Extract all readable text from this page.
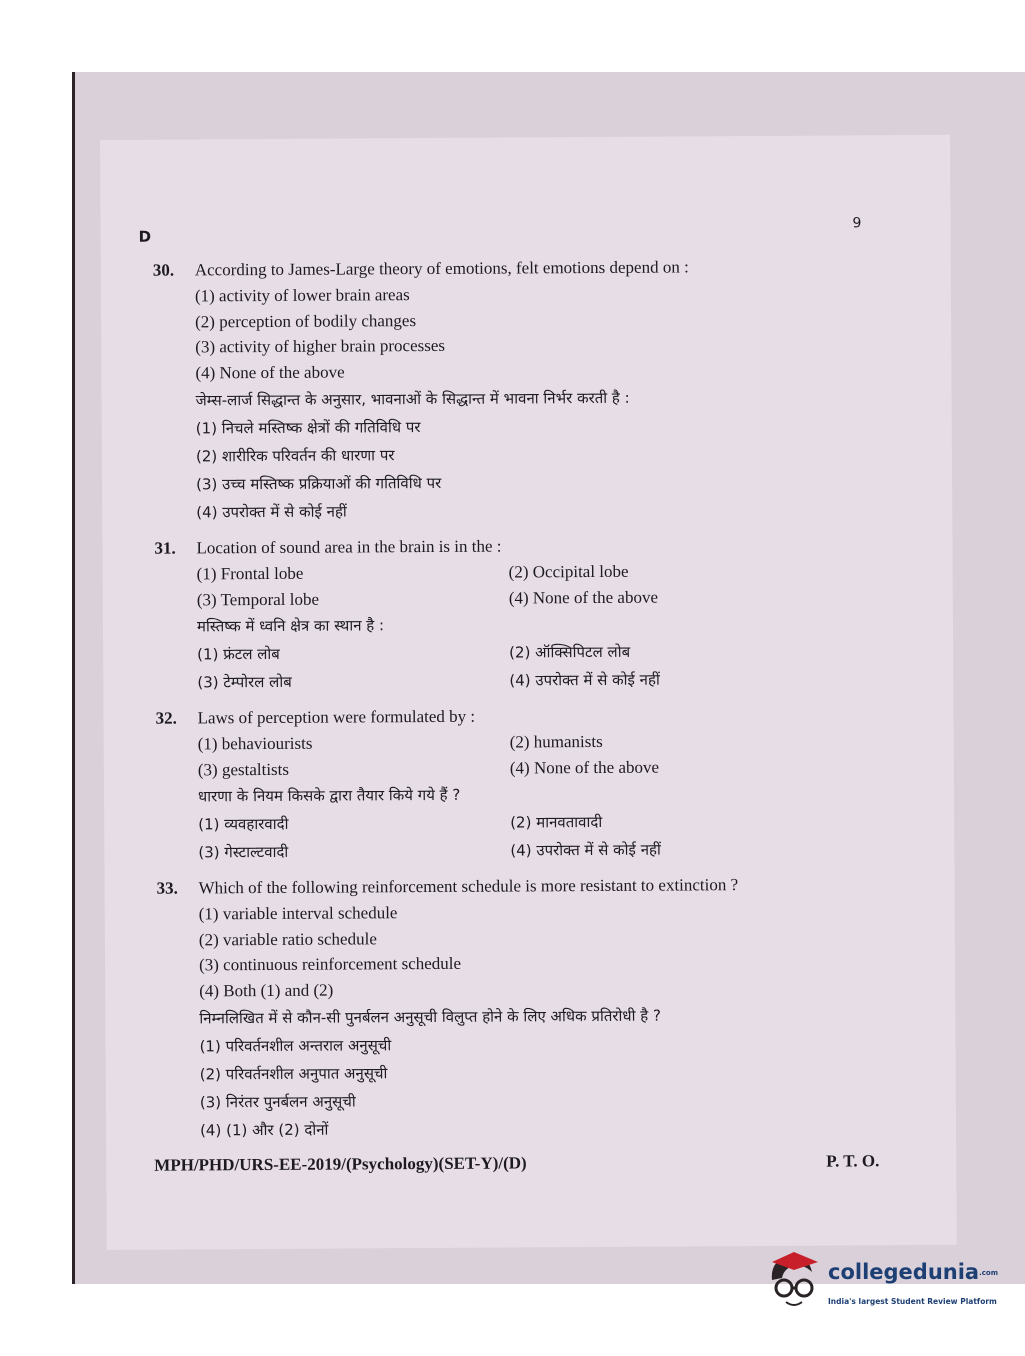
D
9
30. According to James-Large theory of emotions, felt emotions depend on :
(1) activity of lower brain areas
(2) perception of bodily changes
(3) activity of higher brain processes
(4) None of the above
जेम्स-लार्ज सिद्धान्त के अनुसार, भावनाओं के सिद्धान्त में भावना निर्भर करती है :
(1) निचले मस्तिष्क क्षेत्रों की गतिविधि पर
(2) शारीरिक परिवर्तन की धारणा पर
(3) उच्च मस्तिष्क प्रक्रियाओं की गतिविधि पर
(4) उपरोक्त में से कोई नहीं
31. Location of sound area in the brain is in the :
(1) Frontal lobe	(2) Occipital lobe
(3) Temporal lobe	(4) None of the above
मस्तिष्क में ध्वनि क्षेत्र का स्थान है :
(1) फ्रंटल लोब	(2) ऑक्सिपिटल लोब
(3) टेम्पोरल लोब	(4) उपरोक्त में से कोई नहीं
32. Laws of perception were formulated by :
(1) behaviourists	(2) humanists
(3) gestaltists	(4) None of the above
धारणा के नियम किसके द्वारा तैयार किये गये हैं ?
(1) व्यवहारवादी	(2) मानवतावादी
(3) गेस्टाल्टवादी	(4) उपरोक्त में से कोई नहीं
33. Which of the following reinforcement schedule is more resistant to extinction ?
(1) variable interval schedule
(2) variable ratio schedule
(3) continuous reinforcement schedule
(4) Both (1) and (2)
निम्नलिखित में से कौन-सी पुनर्बलन अनुसूची विलुप्त होने के लिए अधिक प्रतिरोधी है ?
(1) परिवर्तनशील अन्तराल अनुसूची
(2) परिवर्तनशील अनुपात अनुसूची
(3) निरंतर पुनर्बलन अनुसूची
(4) (1) और (2) दोनों
MPH/PHD/URS-EE-2019/(Psychology)(SET-Y)/(D)	P. T. O.
collegedunia.com
India's largest Student Review Platform
